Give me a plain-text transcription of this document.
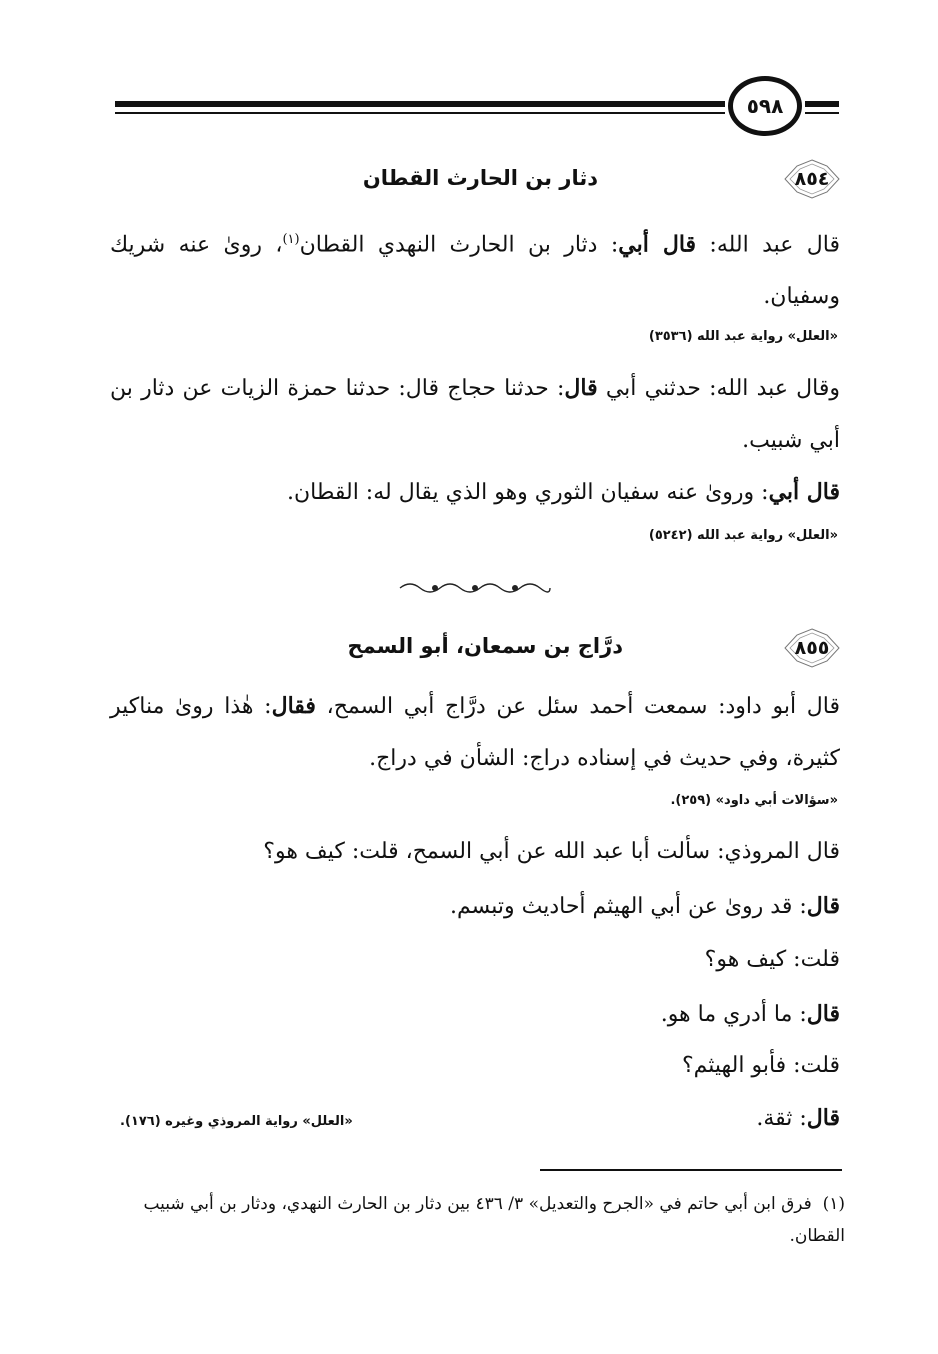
٥٩٨
٨٥٤
دثار بن الحارث القطان
قال عبد الله: قال أبي: دثار بن الحارث النهدي القطان$^{(١)}$، رویٰ عنه شريك وسفيان.
«العلل» رواية عبد الله (٣٥٣٦)
وقال عبد الله: حدثني أبي قال: حدثنا حجاج قال: حدثنا حمزة الزيات عن دثار بن أبي شبيب.
قال أبي: وروىٰ عنه سفيان الثوري وهو الذي يقال له: القطان.
«العلل» رواية عبد الله (٥٢٤٢)
٨٥٥
درَّاج بن سمعان، أبو السمح
قال أبو داود: سمعت أحمد سئل عن درَّاج أبي السمح، فقال: هٰذا رویٰ مناكير كثيرة، وفي حديث في إسناده دراج: الشأن في دراج.
«سؤالات أبي داود» (٢٥٩).
قال المروذي: سألت أبا عبد الله عن أبي السمح، قلت: كيف هو؟
قال: قد رویٰ عن أبي الهيثم أحاديث وتبسم.
قلت: كيف هو؟
قال: ما أدري ما هو.
قلت: فأبو الهيثم؟
قال: ثقة.
«العلل» رواية المروذي وغيره (١٧٦).
(١)  فرق ابن أبي حاتم في «الجرح والتعديل» ٣/ ٤٣٦ بين دثار بن الحارث النهدي، ودثار بن أبي شبيب القطان.
